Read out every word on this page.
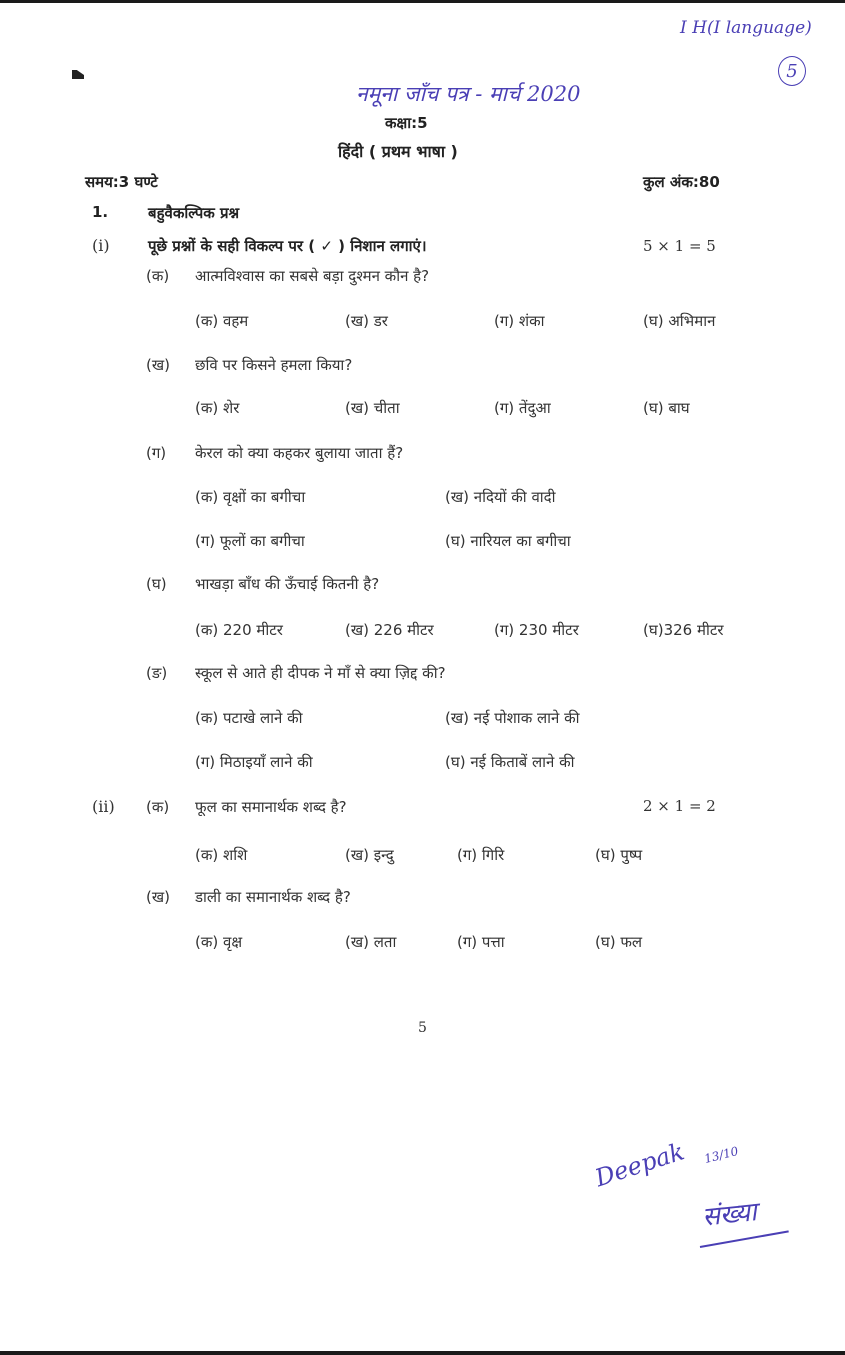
I H(I language)
5
नमूना जाँच पत्र - मार्च 2020
कक्षा:5
हिंदी ( प्रथम भाषा )
समय:3 घण्टे	कुल अंक:80
1.	बहुवैकल्पिक प्रश्न
(i)	पूछे प्रश्नों के सही विकल्प पर ( ✓ ) निशान लगाएं।	5 × 1 = 5
(क) आत्मविश्वास का सबसे बड़ा दुश्मन कौन है?
(क) वहम	(ख) डर	(ग) शंका	(घ) अभिमान
(ख) छवि पर किसने हमला किया?
(क) शेर	(ख) चीता	(ग) तेंदुआ	(घ) बाघ
(ग) केरल को क्या कहकर बुलाया जाता हैं?
(क) वृक्षों का बगीचा	(ख) नदियों की वादी
(ग) फूलों का बगीचा	(घ) नारियल का बगीचा
(घ) भाखड़ा बाँध की ऊँचाई कितनी है?
(क) 220 मीटर	(ख) 226 मीटर	(ग) 230 मीटर	(घ)326 मीटर
(ङ) स्कूल से आते ही दीपक ने माँ से क्या ज़िद्द की?
(क) पटाखे लाने की	(ख) नई पोशाक लाने की
(ग) मिठाइयाँ लाने की	(घ) नई किताबें लाने की
(ii) (क) फूल का समानार्थक शब्द है?	2 × 1 = 2
(क) शशि	(ख) इन्दु	(ग) गिरि	(घ) पुष्प
(ख) डाली का समानार्थक शब्द है?
(क) वृक्ष	(ख) लता	(ग) पत्ता	(घ) फल
5
Deepak 13/10
संख्या
